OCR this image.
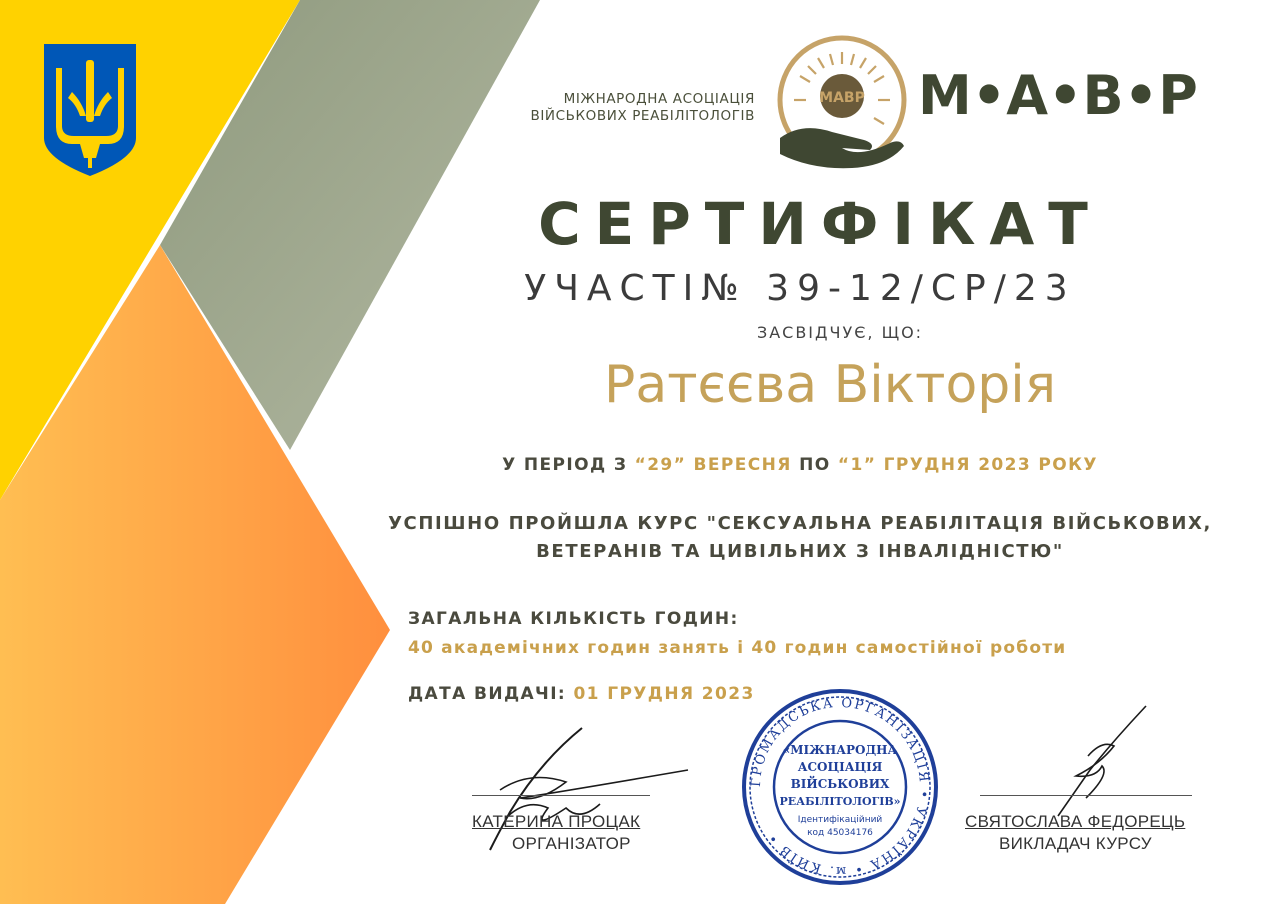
МІЖНАРОДНА АСОЦІАЦІЯ
ВІЙСЬКОВИХ РЕАБІЛІТОЛОГІВ
МАВР М•А•В•Р
СЕРТИФІКАТ
УЧАСТІ№ 39-12/СР/23
ЗАСВІДЧУЄ, ЩО:
Ратєєва Вікторія
У ПЕРІОД З “29” ВЕРЕСНЯ ПО “1” ГРУДНЯ 2023 РОКУ
УСПІШНО ПРОЙШЛА КУРС "СЕКСУАЛЬНА РЕАБІЛІТАЦІЯ ВІЙСЬКОВИХ,
ВЕТЕРАНІВ ТА ЦИВІЛЬНИХ З ІНВАЛІДНІСТЮ"
ЗАГАЛЬНА КІЛЬКІСТЬ ГОДИН:
40 академічних годин занять і 40 годин самостійної роботи
ДАТА ВИДАЧІ: 01 ГРУДНЯ 2023
КАТЕРИНА ПРОЦАК
ОРГАНІЗАТОР
ГРОМАДСЬКА ОРГАНІЗАЦІЯ • УКРАЇНА • м. КИЇВ •
«МІЖНАРОДНА
АСОЦІАЦІЯ
ВІЙСЬКОВИХ
РЕАБІЛІТОЛОГІВ»
Ідентифікаційний
код 45034176
СВЯТОСЛАВА ФЕДОРЕЦЬ
ВИКЛАДАЧ КУРСУ
